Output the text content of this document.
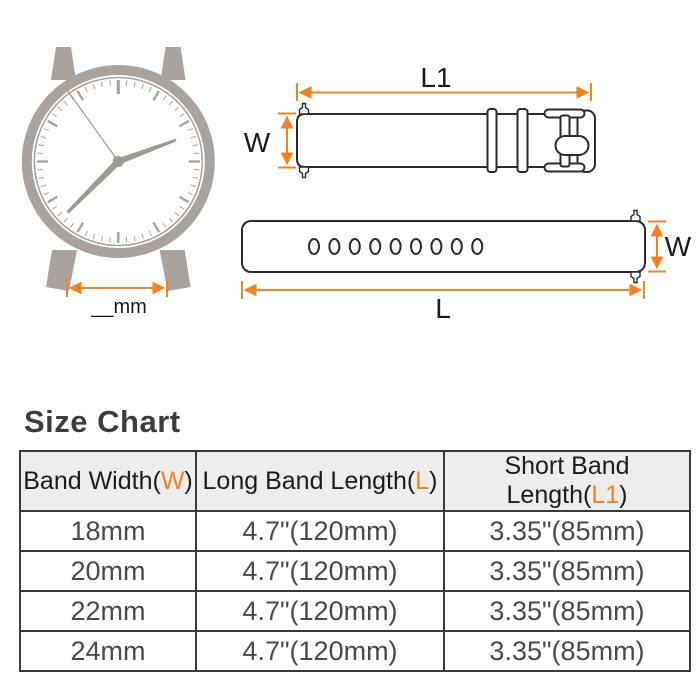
__mm
L1
W
W
L
Size Chart
Band Width(W)	Long Band Length(L)	Short Band Length(L1)
18mm	4.7"(120mm)	3.35"(85mm)
20mm	4.7"(120mm)	3.35"(85mm)
22mm	4.7"(120mm)	3.35"(85mm)
24mm	4.7"(120mm)	3.35"(85mm)
